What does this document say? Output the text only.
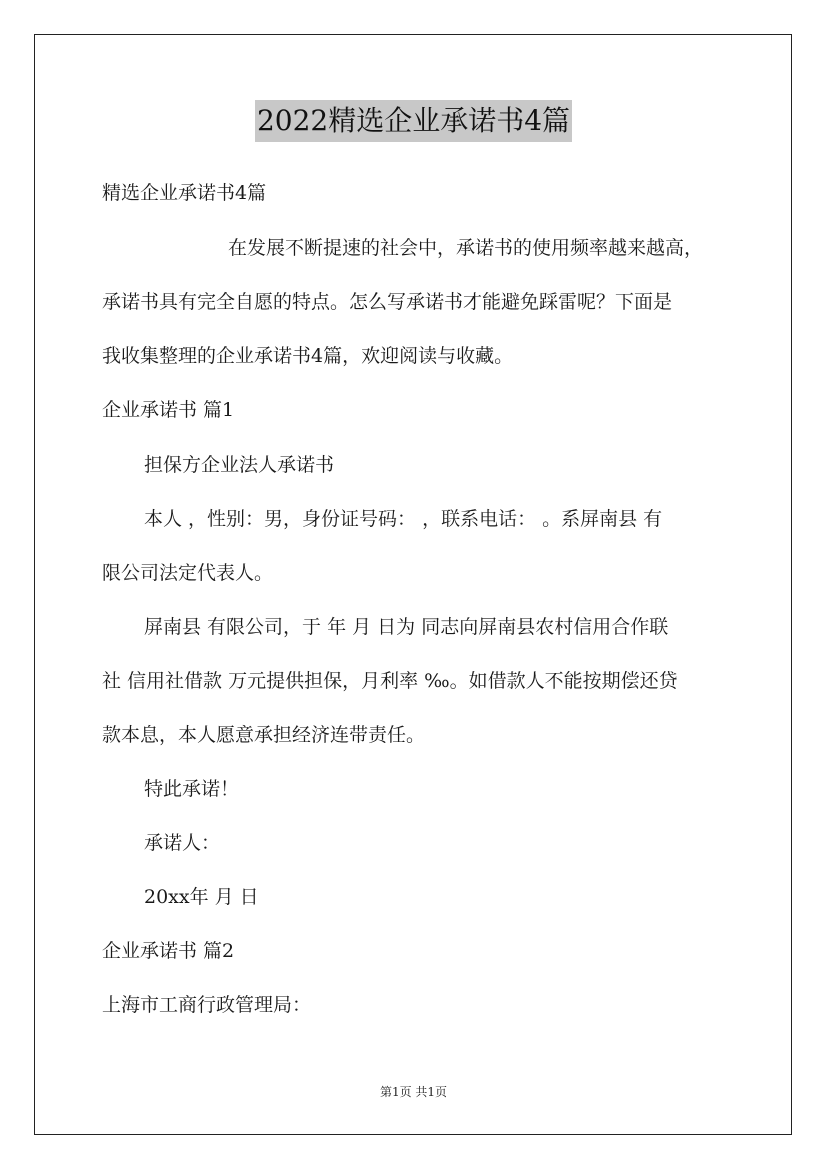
2022精选企业承诺书4篇
精选企业承诺书4篇
在发展不断提速的社会中，承诺书的使用频率越来越高，
承诺书具有完全自愿的特点。怎么写承诺书才能避免踩雷呢？下面是
我收集整理的企业承诺书4篇，欢迎阅读与收藏。
企业承诺书 篇1
担保方企业法人承诺书
本人 ，性别：男，身份证号码： ，联系电话： 。系屏南县 有
限公司法定代表人。
屏南县 有限公司，于 年 月 日为 同志向屏南县农村信用合作联
社 信用社借款 万元提供担保，月利率 ‰。如借款人不能按期偿还贷
款本息，本人愿意承担经济连带责任。
特此承诺！
承诺人：
20xx年 月 日
企业承诺书 篇2
上海市工商行政管理局：
第1页 共1页
